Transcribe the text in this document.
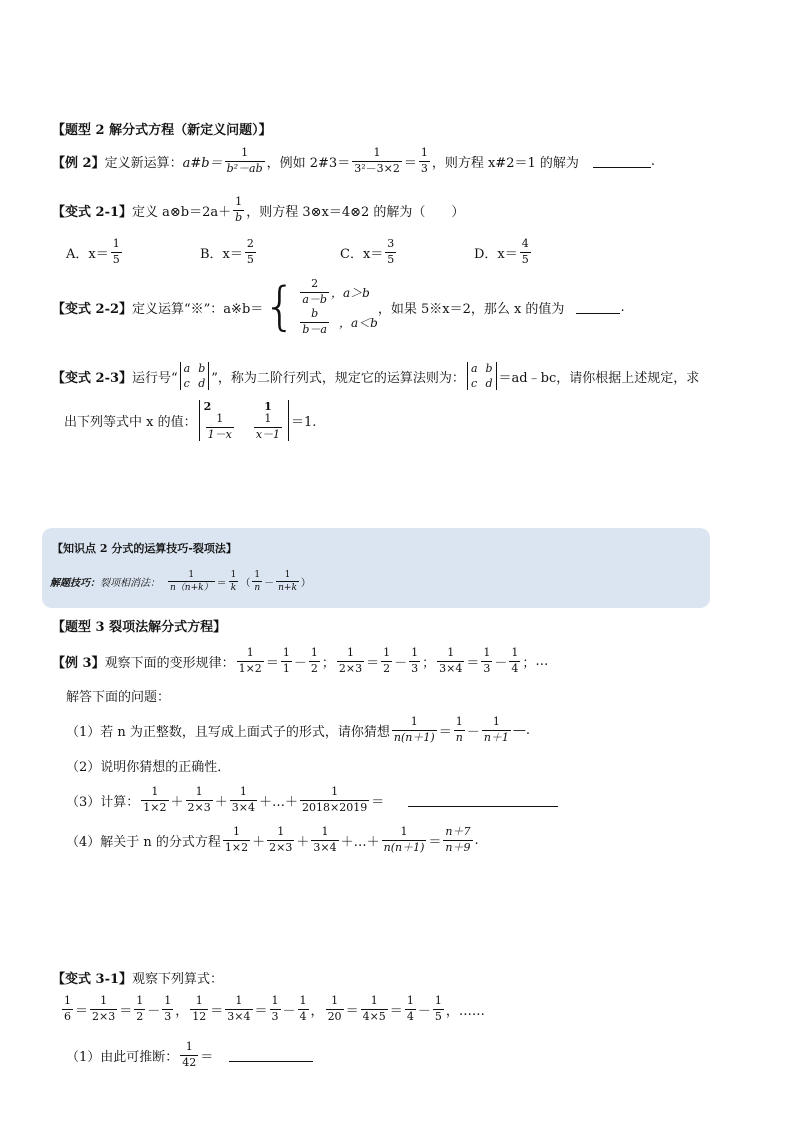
【题型 2 解分式方程（新定义问题）】
【例 2】 定义新运算： a#b＝ $\frac{1}{\text{b²－ab}}$ ，例如 2#3＝ $\frac{1}{\text{3²－3×2}} = \frac{1}{3}$ ，则方程 x#2＝1 的解为	.
【变式 2-1】 定义 a⊗b＝2a＋ $\frac{1}{b}$ ，则方程 3⊗x＝4⊗2 的解为（　　）
A．$x= \frac{1}{5}$	B．$x= \frac{2}{5}$	C．$x= \frac{3}{5}$	D．$x= \frac{4}{5}$
【变式 2-2】 定义运算“※”：a※b＝ { $\frac{2}{a-b}$ ，a＞b
$\frac{b}{b-a}$ ，a＜b
，如果 5※x＝2，那么 x 的值为	.
【变式 2-3】 运行号“
a b
c d ”，称为二阶行列式，规定它的运算法则为：
a b
c d ＝ad﹣bc，请你根据上述规定，求
出下列等式中 x 的值：
2	1
$\frac{1}{1-x} \frac{1}{x-1} =1$.
【知识点 2 分式的运算技巧-裂项法】
解题技巧： 裂项相消法： $\frac{1}{n(n+k)} = \frac{1}{k}$ （ $\frac{1}{n} - \frac{1}{n+k}$ ）
【题型 3 裂项法解分式方程】
【例 3】 观察下面的变形规律： $\frac{1}{1\times 2} = \frac{1}{1} - \frac{1}{2}$ ； $\frac{1}{2\times 3} = \frac{1}{2} - \frac{1}{3}$ ； $\frac{1}{3\times 4} = \frac{1}{3} - \frac{1}{4}$ ； …
解答下面的问题：
（1）若 n 为正整数，且写成上面式子的形式，请你猜想 $\frac{1}{n(n+1)} = \frac{1}{n} - \frac{1}{n+1}$ —.
（2）说明你猜想的正确性．
（3）计算： $\frac{1}{1\times 2} + \frac{1}{2\times 3} + \frac{1}{3\times 4}$ ＋…＋ $\frac{1}{2018\times 2019}$ ＝
（4）解关于 n 的分式方程 $\frac{1}{1\times 2} + \frac{1}{2\times 3} + \frac{1}{3\times 4}$ ＋…＋ $\frac{1}{n(n+1)} = \frac{n+7}{n+9}$ .
【变式 3-1】 观察下列算式：
$\frac{1}{6} = \frac{1}{2\times 3} = \frac{1}{2} - \frac{1}{3}$ ， $\frac{1}{12} = \frac{1}{3\times 4} = \frac{1}{3} - \frac{1}{4}$ ， $\frac{1}{20} = \frac{1}{4\times 5} = \frac{1}{4} - \frac{1}{5}$ ，……
（1）由此可推断： $\frac{1}{42}$ ＝
